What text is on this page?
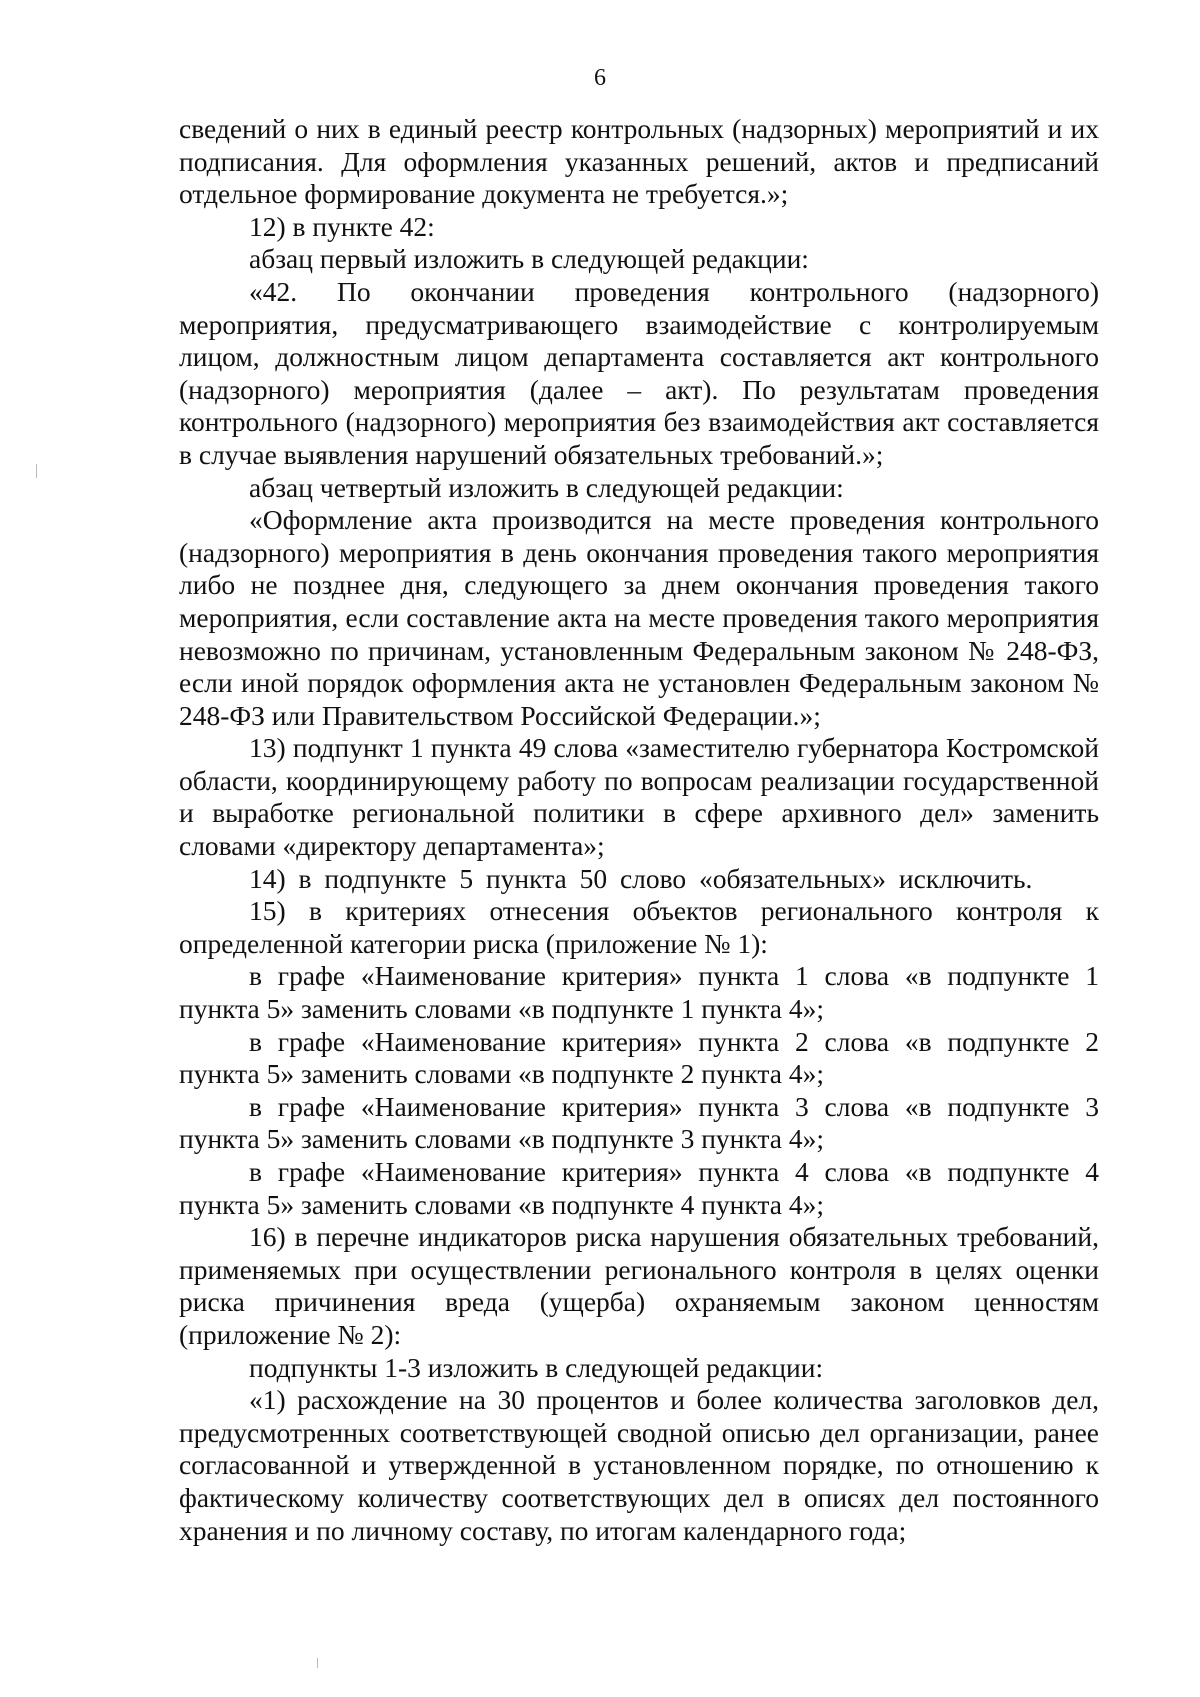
6

сведений о них в единый реестр контрольных (надзорных) мероприятий и их подписания. Для оформления указанных решений, актов и предписаний отдельное формирование документа не требуется.»;

12) в пункте 42:

абзац первый изложить в следующей редакции:

«42. По окончании проведения контрольного (надзорного) мероприятия, предусматривающего взаимодействие с контролируемым лицом, должностным лицом департамента составляется акт контрольного (надзорного) мероприятия (далее – акт). По результатам проведения контрольного (надзорного) мероприятия без взаимодействия акт составляется в случае выявления нарушений обязательных требований.»;

абзац четвертый изложить в следующей редакции:

«Оформление акта производится на месте проведения контрольного (надзорного) мероприятия в день окончания проведения такого мероприятия либо не позднее дня, следующего за днем окончания проведения такого мероприятия, если составление акта на месте проведения такого мероприятия невозможно по причинам, установленным Федеральным законом № 248-ФЗ, если иной порядок оформления акта не установлен Федеральным законом № 248-ФЗ или Правительством Российской Федерации.»;

13) подпункт 1 пункта 49 слова «заместителю губернатора Костромской области, координирующему работу по вопросам реализации государственной и выработке региональной политики в сфере архивного дел» заменить словами «директору департамента»;

14) в подпункте 5 пункта 50 слово «обязательных» исключить.

15) в критериях отнесения объектов регионального контроля к определенной категории риска (приложение № 1):

в графе «Наименование критерия» пункта 1 слова «в подпункте 1 пункта 5» заменить словами «в подпункте 1 пункта 4»;

в графе «Наименование критерия» пункта 2 слова «в подпункте 2 пункта 5» заменить словами «в подпункте 2 пункта 4»;

в графе «Наименование критерия» пункта 3 слова «в подпункте 3 пункта 5» заменить словами «в подпункте 3 пункта 4»;

в графе «Наименование критерия» пункта 4 слова «в подпункте 4 пункта 5» заменить словами «в подпункте 4 пункта 4»;

16) в перечне индикаторов риска нарушения обязательных требований, применяемых при осуществлении регионального контроля в целях оценки риска причинения вреда (ущерба) охраняемым законом ценностям (приложение № 2):

подпункты 1-3 изложить в следующей редакции:

«1) расхождение на 30 процентов и более количества заголовков дел, предусмотренных соответствующей сводной описью дел организации, ранее согласованной и утвержденной в установленном порядке, по отношению к фактическому количеству соответствующих дел в описях дел постоянного хранения и по личному составу, по итогам календарного года;
